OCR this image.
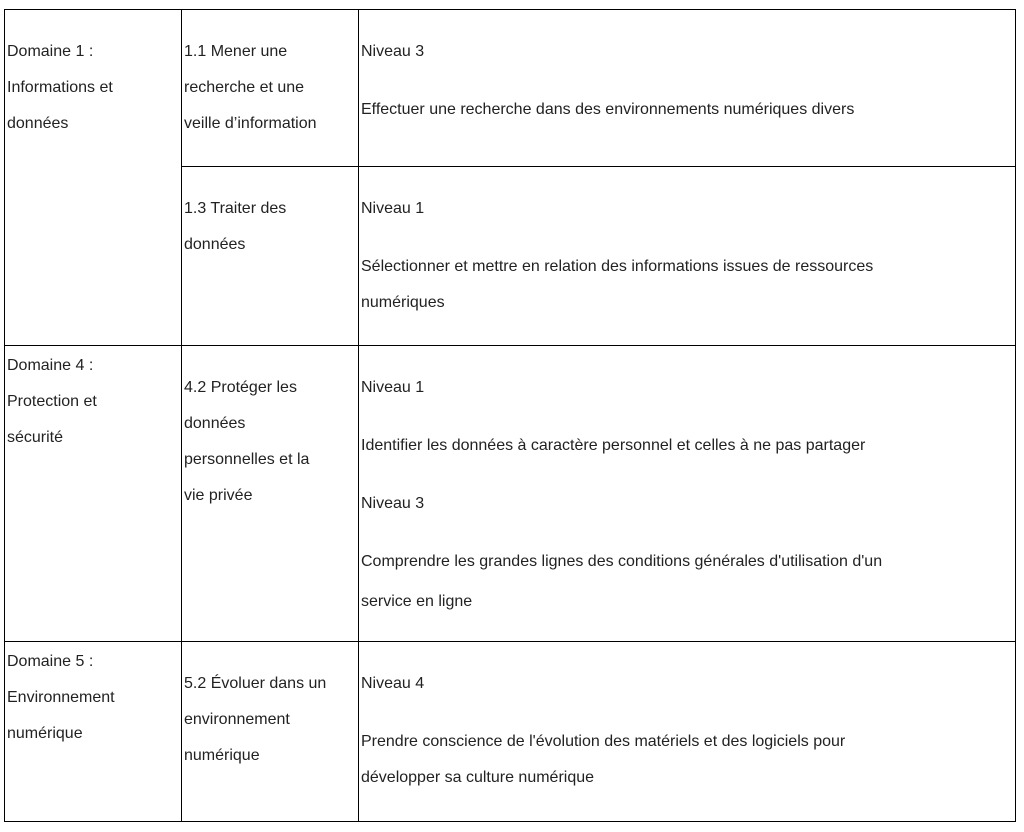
Domaine 1 :
Informations et
données	1.1 Mener une
recherche et une
veille d’information	Niveau 3
Effectuer une recherche dans des environnements numériques divers

	1.3 Traiter des
données	Niveau 1
Sélectionner et mettre en relation des informations issues de ressources
numériques

Domaine 4 :
Protection et
sécurité	4.2 Protéger les
données
personnelles et la
vie privée	Niveau 1
Identifier les données à caractère personnel et celles à ne pas partager
Niveau 3
Comprendre les grandes lignes des conditions générales d'utilisation d'un
service en ligne

Domaine 5 :
Environnement
numérique	5.2 Évoluer dans un
environnement
numérique	Niveau 4
Prendre conscience de l'évolution des matériels et des logiciels pour
développer sa culture numérique
